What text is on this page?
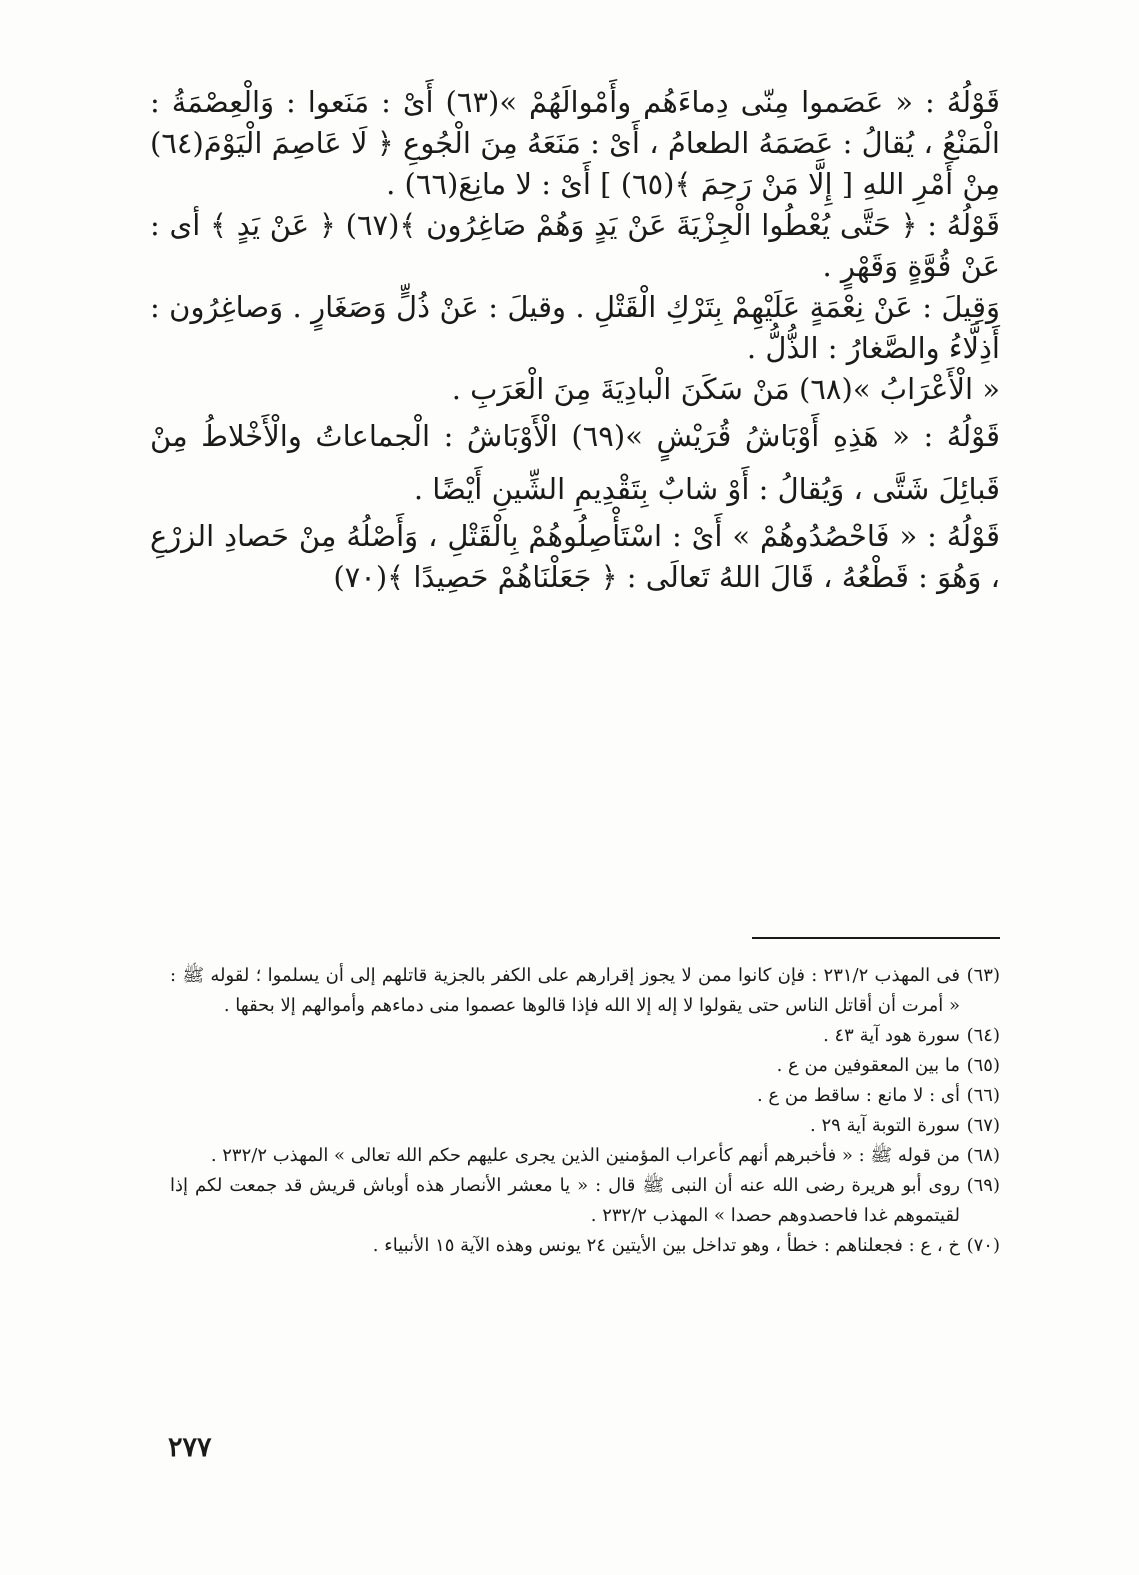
قَوْلُهُ : « عَصَموا مِنّى دِماءَهُم وأَمْوالَهُمْ »(٦٣) أَىْ : مَنَعوا : وَالْعِصْمَةُ : الْمَنْعُ ، يُقالُ : عَصَمَهُ الطعامُ ، أَىْ : مَنَعَهُ مِنَ الْجُوعِ ﴿ لَا عَاصِمَ الْيَوْمَ(٦٤) مِنْ أَمْرِ اللهِ [ إِلَّا مَنْ رَحِمَ ﴾(٦٥) ] أَىْ : لا مانِعَ(٦٦) .

قَوْلُهُ : ﴿ حَتَّى يُعْطُوا الْجِزْيَةَ عَنْ يَدٍ وَهُمْ صَاغِرُون ﴾(٦٧) ﴿ عَنْ يَدٍ ﴾ أى : عَنْ قُوَّةٍ وَقَهْرٍ .

وَقِيلَ : عَنْ نِعْمَةٍ عَلَيْهِمْ بِتَرْكِ الْقَتْلِ . وقيلَ : عَنْ ذُلٍّ وَصَغَارٍ . وَصاغِرُون : أَذِلَّاءُ والصَّغارُ : الذُّلُّ .

« الْأَعْرَابُ »(٦٨) مَنْ سَكَنَ الْبادِيَةَ مِنَ الْعَرَبِ .

قَوْلُهُ : « هَذِهِ أَوْبَاشُ قُرَيْشٍ »(٦٩) الْأَوْبَاشُ : الْجماعاتُ والْأَخْلاطُ مِنْ قَبائِلَ شَتَّى ، وَيُقالُ : أَوْ شابٌ بِتَقْدِيمِ الشِّينِ أَيْضًا .

قَوْلُهُ : « فَاحْصُدُوهُمْ » أَىْ : اسْتَأْصِلُوهُمْ بِالْقَتْلِ ، وَأَصْلُهُ مِنْ حَصادِ الزرْعِ ، وَهُوَ : قَطْعُهُ ، قَالَ اللهُ تَعالَى : ﴿ جَعَلْنَاهُمْ حَصِيدًا ﴾(٧٠)

(٦٣)
فى المهذب ٢٣١/٢ : فإن كانوا ممن لا يجوز إقرارهم على الكفر بالجزية قاتلهم إلى أن يسلموا ؛ لقوله ﷺ : « أمرت أن أقاتل الناس حتى يقولوا لا إله إلا الله فإذا قالوها عصموا منى دماءهم وأموالهم إلا بحقها .
(٦٤)
سورة هود آية ٤٣ .
(٦٥)
ما بين المعقوفين من ع .
(٦٦)
أى : لا مانع : ساقط من ع .
(٦٧)
سورة التوبة آية ٢٩ .
(٦٨)
من قوله ﷺ : « فأخبرهم أنهم كأعراب المؤمنين الذين يجرى عليهم حكم الله تعالى » المهذب ٢٣٢/٢ .
(٦٩)
روى أبو هريرة رضى الله عنه أن النبى ﷺ قال : « يا معشر الأنصار هذه أوباش قريش قد جمعت لكم إذا لقيتموهم غدا فاحصدوهم حصدا » المهذب ٢٣٢/٢ .
(٧٠)
خ ، ع : فجعلناهم : خطأ ، وهو تداخل بين الأيتين ٢٤ يونس وهذه الآية ١٥ الأنبياء .
٢٧٧
